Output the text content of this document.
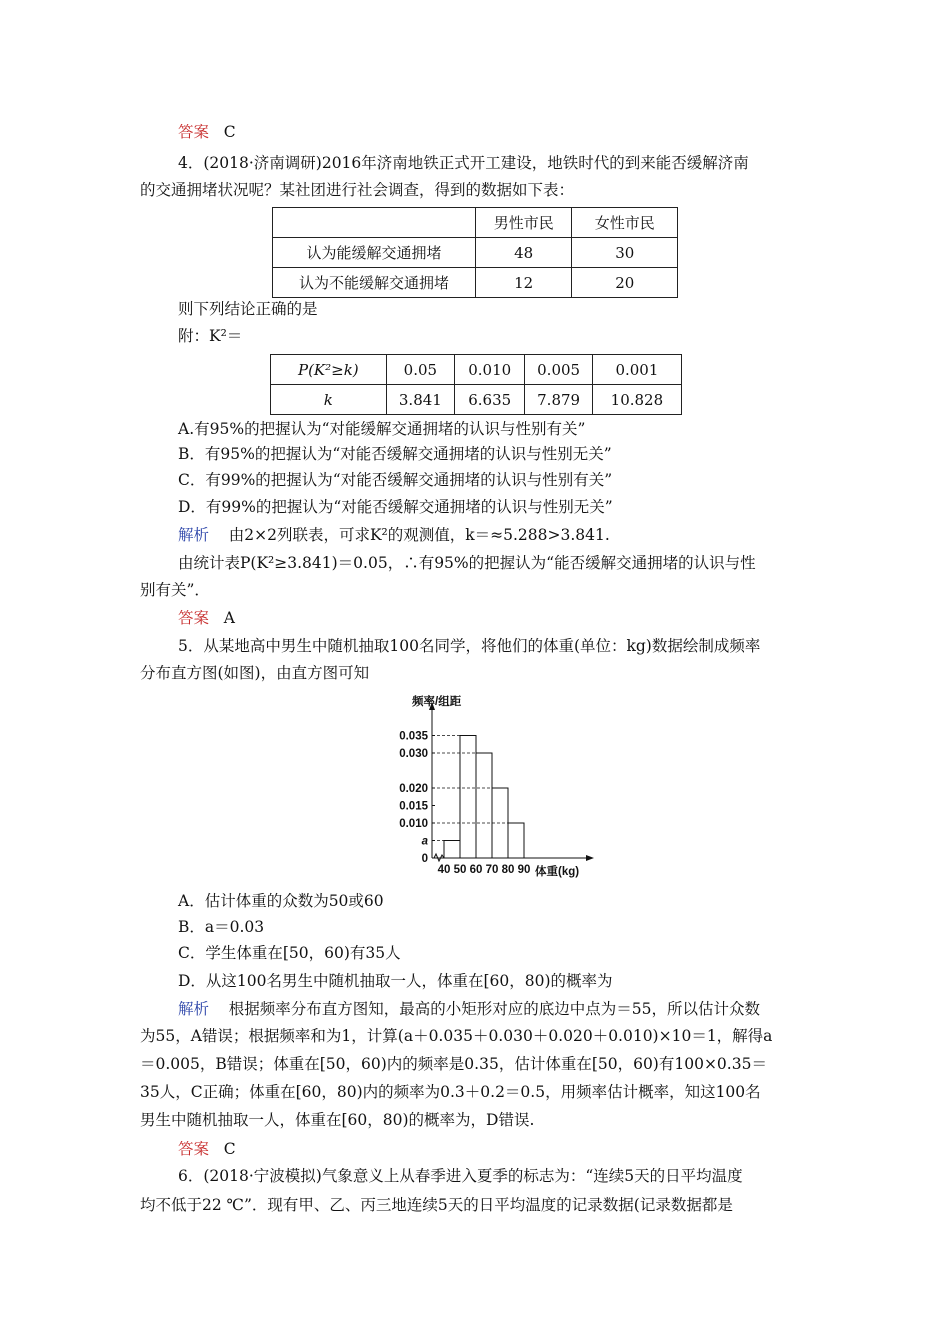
答案 C
4．(2018·济南调研)2016年济南地铁正式开工建设，地铁时代的到来能否缓解济南
的交通拥堵状况呢？某社团进行社会调查，得到的数据如下表：
	男性市民	女性市民
认为能缓解交通拥堵	48	30
认为不能缓解交通拥堵	12	20
则下列结论正确的是
附：K²＝
P(K²≥k)	0.05	0.010	0.005	0.001
k	3.841	6.635	7.879	10.828
A.有95%的把握认为“对能缓解交通拥堵的认识与性别有关”
B．有95%的把握认为“对能否缓解交通拥堵的认识与性别无关”
C．有99%的把握认为“对能否缓解交通拥堵的认识与性别有关”
D．有99%的把握认为“对能否缓解交通拥堵的认识与性别无关”
解析 由2×2列联表，可求K²的观测值，k＝≈5.288>3.841.
由统计表P(K²≥3.841)＝0.05，∴有95%的把握认为“能否缓解交通拥堵的认识与性
别有关”．
答案 A
5．从某地高中男生中随机抽取100名同学，将他们的体重(单位：kg)数据绘制成频率
分布直方图(如图)，由直方图可知
0
a
0.010
0.015
0.020
0.030
0.035
40 50 60 70 80 90
频率/组距
体重(kg)
A．估计体重的众数为50或60
B．a＝0.03
C．学生体重在[50，60)有35人
D．从这100名男生中随机抽取一人，体重在[60，80)的概率为
解析 根据频率分布直方图知，最高的小矩形对应的底边中点为＝55，所以估计众数
为55，A错误；根据频率和为1，计算(a＋0.035＋0.030＋0.020＋0.010)×10＝1，解得a
＝0.005，B错误；体重在[50，60)内的频率是0.35，估计体重在[50，60)有100×0.35＝
35人，C正确；体重在[60，80)内的频率为0.3＋0.2＝0.5，用频率估计概率，知这100名
男生中随机抽取一人，体重在[60，80)的概率为，D错误.
答案 C
6．(2018·宁波模拟)气象意义上从春季进入夏季的标志为：“连续5天的日平均温度
均不低于22 ℃”．现有甲、乙、丙三地连续5天的日平均温度的记录数据(记录数据都是
